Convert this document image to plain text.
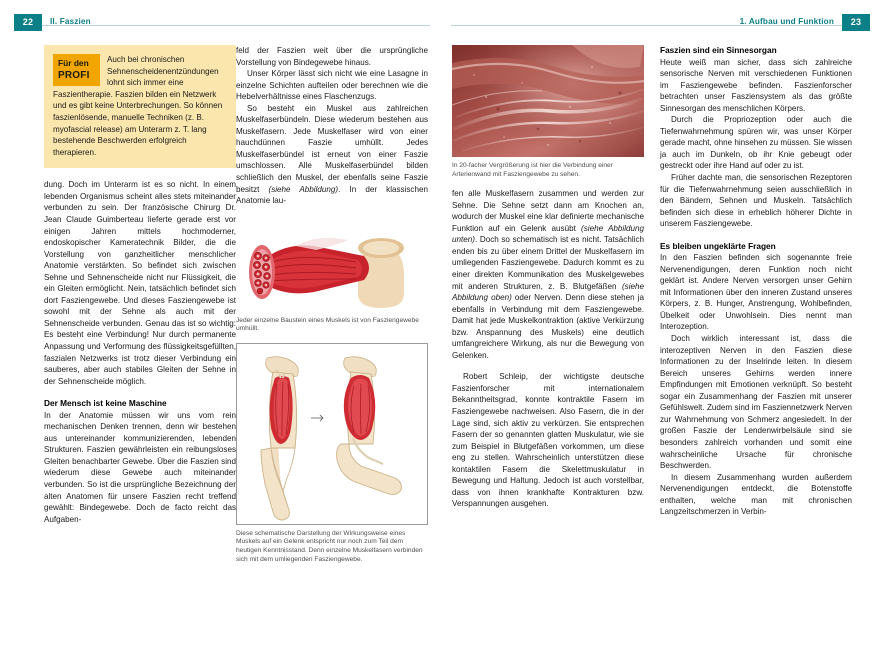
22	II. Faszien	1. Aufbau und Funktion	23
Für den
PROFI

Auch bei chronischen Sehnenscheidenentzündungen lohnt sich immer eine Faszientherapie. Faszien bilden ein Netzwerk und es gibt keine Unterbrechungen. So können faszienlösende, manuelle Techniken (z. B. myofascial release) am Unterarm z. T. lang bestehende Beschwerden erfolgreich therapieren.

dung. Doch im Unterarm ist es so nicht. In einem lebenden Organismus scheint alles stets miteinander verbunden zu sein. Der französische Chirurg Dr. Jean Claude Guimberteau lieferte gerade erst vor einigen Jahren mittels hochmoderner, endoskopischer Kameratechnik Bilder, die die Vorstellung von ganzheitlicher menschlicher Anatomie verstärkten. So befindet sich zwischen Sehne und Sehnenscheide nicht nur Flüssigkeit, die ein Gleiten ermöglicht. Nein, tatsächlich befindet sich dort Fasziengewebe. Und dieses Fasziengewebe ist sowohl mit der Sehne als auch mit der Sehnenscheide verbunden. Genau das ist so wichtig: Es besteht eine Verbindung! Nur durch permanente Anpassung und Verformung des flüssigkeitsgefüllten, faszialen Netzwerks ist trotz dieser Verbindung ein sauberes, aber auch stabiles Gleiten der Sehne in der Sehnenscheide möglich.

Der Mensch ist keine Maschine

In der Anatomie müssen wir uns vom rein mechanischen Denken trennen, denn wir bestehen aus untereinander kommunizierenden, lebenden Strukturen. Faszien gewährleisten ein reibungsloses Gleiten benachbarter Gewebe. Über die Faszien sind wiederum diese Gewebe auch miteinander verbunden. So ist die ursprüngliche Bezeichnung der alten Anatomen für unsere Faszien recht treffend gewählt: Bindegewebe. Doch de facto reicht das Aufgaben-

feld der Faszien weit über die ursprüngliche Vorstellung von Bindegewebe hinaus.

Unser Körper lässt sich nicht wie eine Lasagne in einzelne Schichten aufteilen oder berechnen wie die Hebelverhältnisse eines Flaschenzugs.

So besteht ein Muskel aus zahlreichen Muskelfaserbündeln. Diese wiederum bestehen aus Muskelfasern. Jede Muskelfaser wird von einer hauchdünnen Faszie umhüllt. Jedes Muskelfaserbündel ist erneut von einer Faszie umschlossen. Alle Muskelfaserbündel bilden schließlich den Muskel, der ebenfalls seine Faszie besitzt (siehe Abbildung). In der klassischen Anatomie lau-

Jeder einzelne Baustein eines Muskels ist von Fasziengewebe umhüllt.

Diese schematische Darstellung der Wirkungsweise eines Muskels auf ein Gelenk entspricht nur noch zum Teil dem heutigen Kenntnisstand. Denn einzelne Muskelfasern verbinden sich mit dem umliegenden Fasziengewebe.

In 20-facher Vergrößerung ist hier die Verbindung einer Arterienwand mit Fasziengewebe zu sehen.

fen alle Muskelfasern zusammen und werden zur Sehne. Die Sehne setzt dann am Knochen an, wodurch der Muskel eine klar definierte mechanische Funktion auf ein Gelenk ausübt (siehe Abbildung unten). Doch so schematisch ist es nicht. Tatsächlich enden bis zu über einem Drittel der Muskelfasern im umliegenden Fasziengewebe. Dadurch kommt es zu einer direkten Kommunikation des Muskelgewebes mit anderen Strukturen, z. B. Blutgefäßen (siehe Abbildung oben) oder Nerven. Denn diese stehen ja ebenfalls in Verbindung mit dem Fasziengewebe. Damit hat jede Muskelkontraktion (aktive Verkürzung bzw. Anspannung des Muskels) eine deutlich umfangreichere Wirkung, als nur die Bewegung von Gelenken.

Robert Schleip, der wichtigste deutsche Faszienforscher mit internationalem Bekanntheitsgrad, konnte kontraktile Fasern im Fasziengewebe nachweisen. Also Fasern, die in der Lage sind, sich aktiv zu verkürzen. Sie entsprechen Fasern der so genannten glatten Muskulatur, wie sie zum Beispiel in Blutgefäßen vorkommen, um diese eng zu stellen. Wahrscheinlich unterstützen diese kontaktilen Fasern die Skelettmuskulatur in Bewegung und Haltung. Jedoch ist auch vorstellbar, dass von ihnen krankhafte Kontrakturen bzw. Verspannungen ausgehen.

Faszien sind ein Sinnesorgan

Heute weiß man sicher, dass sich zahlreiche sensorische Nerven mit verschiedenen Funktionen im Fasziengewebe befinden. Faszienforscher betrachten unser Fasziensystem als das größte Sinnesorgan des menschlichen Körpers.

Durch die Propriozeption oder auch die Tiefenwahrnehmung spüren wir, was unser Körper gerade macht, ohne hinsehen zu müssen. Sie wissen ja auch im Dunkeln, ob ihr Knie gebeugt oder gestreckt oder ihre Hand auf oder zu ist.

Früher dachte man, die sensorischen Rezeptoren für die Tiefenwahrnehmung seien ausschließlich in den Bändern, Sehnen und Muskeln. Tatsächlich befinden sich diese in erheblich höherer Dichte in unserem Fasziengewebe.

Es bleiben ungeklärte Fragen

In den Faszien befinden sich sogenannte freie Nervenendigungen, deren Funktion noch nicht geklärt ist. Andere Nerven versorgen unser Gehirn mit Informationen über den inneren Zustand unseres Körpers, z. B. Hunger, Anstrengung, Wohlbefinden, Übelkeit oder Unwohlsein. Dies nennt man Interozeption.

Doch wirklich interessant ist, dass die interozeptiven Nerven in den Faszien diese Informationen zu der Inselrinde leiten. In diesem Bereich unseres Gehirns werden innere Empfindungen mit Emotionen verknüpft. So besteht sogar ein Zusammenhang der Faszien mit unserer Gefühlswelt. Zudem sind im Fasziennetzwerk Nerven zur Wahrnehmung von Schmerz angesiedelt. In der großen Faszie der Lendenwirbelsäule sind sie besonders zahlreich vorhanden und somit eine wahrscheinliche Ursache für chronische Beschwerden.

In diesem Zusammenhang wurden außerdem Nervenendigungen entdeckt, die Botenstoffe enthalten, welche man mit chronischen Langzeitschmerzen in Verbin-
